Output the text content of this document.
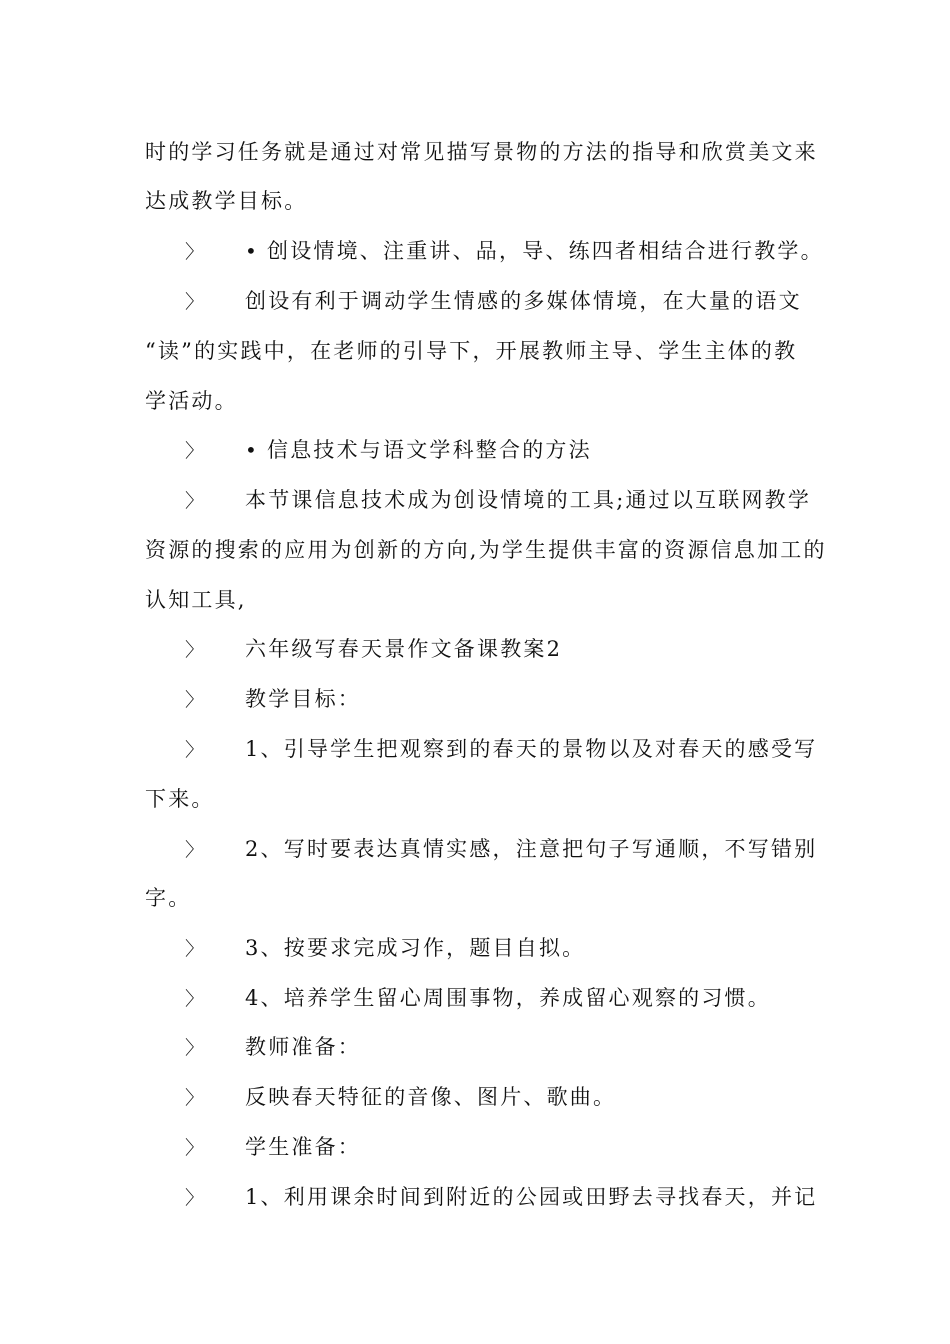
时的学习任务就是通过对常见描写景物的方法的指导和欣赏美文来
达成教学目标。
〉	• 创设情境、注重讲、品，导、练四者相结合进行教学。
〉 创设有利于调动学生情感的多媒体情境，在大量的语文
“读”的实践中，在老师的引导下，开展教师主导、学生主体的教
学活动。
〉	• 信息技术与语文学科整合的方法
〉 本节课信息技术成为创设情境的工具;通过以互联网教学
资源的搜索的应用为创新的方向,为学生提供丰富的资源信息加工的
认知工具,
〉 六年级写春天景作文备课教案2
〉 教学目标：
〉 1、引导学生把观察到的春天的景物以及对春天的感受写
下来。
〉 2、写时要表达真情实感，注意把句子写通顺，不写错别
字。
〉 3、按要求完成习作，题目自拟。
〉 4、培养学生留心周围事物，养成留心观察的习惯。
〉 教师准备：
〉 反映春天特征的音像、图片、歌曲。
〉 学生准备：
〉 1、利用课余时间到附近的公园或田野去寻找春天，并记
